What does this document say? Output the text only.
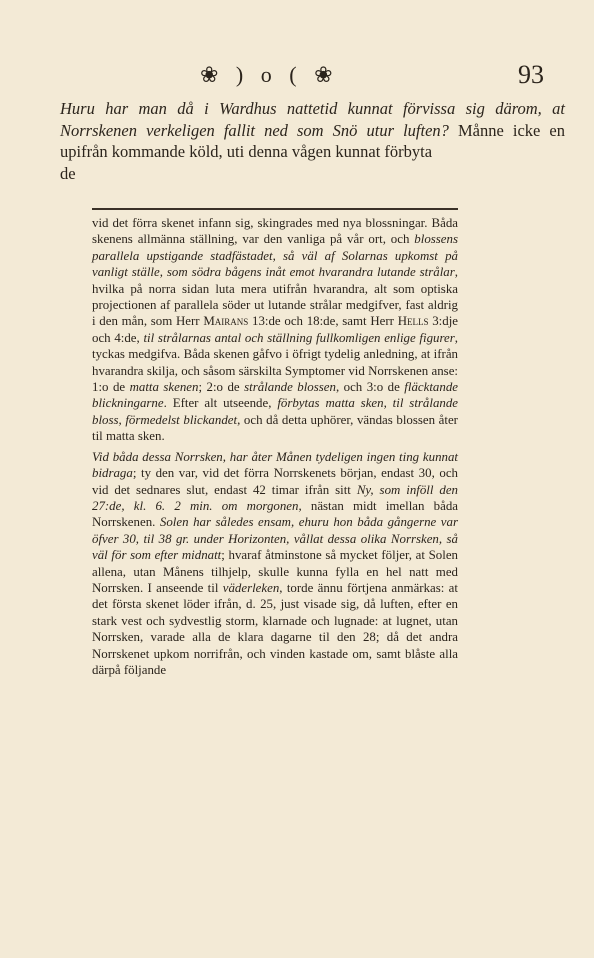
❀ ) o ( ❀	93

Huru har man då i Wardhus nattetid kunnat förvissa sig därom, at Norrskenen verkeligen fallit ned som Snö utur luften? Månne icke en upifrån kommande köld, uti denna vågen kunnat förbyta

de

vid det förra skenet infann sig, skingrades med nya blossningar. Båda skenens allmänna ställning, var den vanliga på vår ort, och blossens parallela upstigande stadfästadet, så väl af Solarnas upkomst på vanligt ställe, som södra bågens inåt emot hvarandra lutande strålar, hvilka på norra sidan luta mera utifrån hvarandra, alt som optiska projectionen af parallela söder ut lutande strålar medgifver, fast aldrig i den mån, som Herr Mairans 13:de och 18:de, samt Herr Hells 3:dje och 4:de, til strålarnas antal och ställning fullkomligen enlige figurer, tyckas medgifva. Båda skenen gåfvo i öfrigt tydelig anledning, at ifrån hvarandra skilja, och såsom särskilta Symptomer vid Norrskenen anse: 1:o de matta skenen; 2:o de strålande blossen, och 3:o de fläcktande blickningarne. Efter alt utseende, förbytas matta sken, til strålande bloss, förmedelst blickandet, och då detta uphörer, vändas blossen åter til matta sken.

Vid båda dessa Norrsken, har åter Månen tydeligen ingen ting kunnat bidraga; ty den var, vid det förra Norrskenets början, endast 30, och vid det sednares slut, endast 42 timar ifrån sitt Ny, som inföll den 27:de, kl. 6. 2 min. om morgonen, nästan midt imellan båda Norrskenen. Solen har således ensam, ehuru hon båda gångerne var öfver 30, til 38 gr. under Horizonten, vållat dessa olika Norrsken, så väl för som efter midnatt; hvaraf åtminstone så mycket följer, at Solen allena, utan Månens tilhjelp, skulle kunna fylla en hel natt med Norrsken. I anseende til väderleken, torde ännu förtjena anmärkas: at det första skenet löder ifrån, d. 25, just visade sig, då luften, efter en stark vest och sydvestlig storm, klarnade och lugnade: at lugnet, utan Norrsken, varade alla de klara dagarne til den 28; då det andra Norrskenet upkom norrifrån, och vinden kastade om, samt blåste alla därpå följande
